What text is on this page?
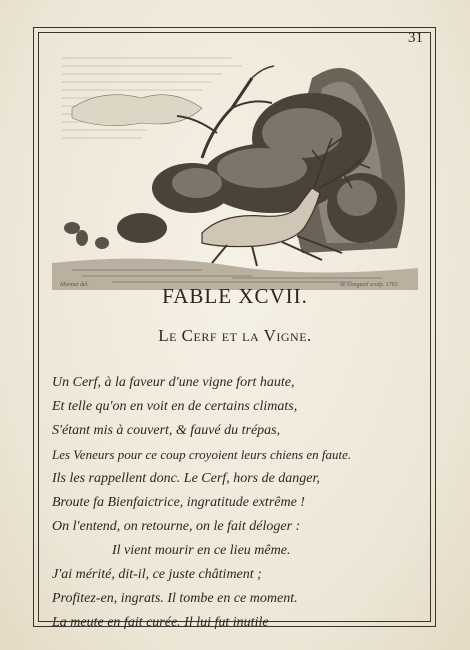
31
Monnet del.	de Longueil sculp. 1765
FABLE XCVII.
Le Cerf et la Vigne.
Un Cerf, à la faveur d'une vigne fort haute,
Et telle qu'on en voit en de certains climats,
S'étant mis à couvert, & fauvé du trépas,
Les Veneurs pour ce coup croyoient leurs chiens en faute.
Ils les rappellent donc. Le Cerf, hors de danger,
Broute fa Bienfaictrice, ingratitude extrême !
On l'entend, on retourne, on le fait déloger :
Il vient mourir en ce lieu même.
J'ai mérité, dit-il, ce juste châtiment ;
Profitez-en, ingrats. Il tombe en ce moment.
La meute en fait curée. Il lui fut inutile
